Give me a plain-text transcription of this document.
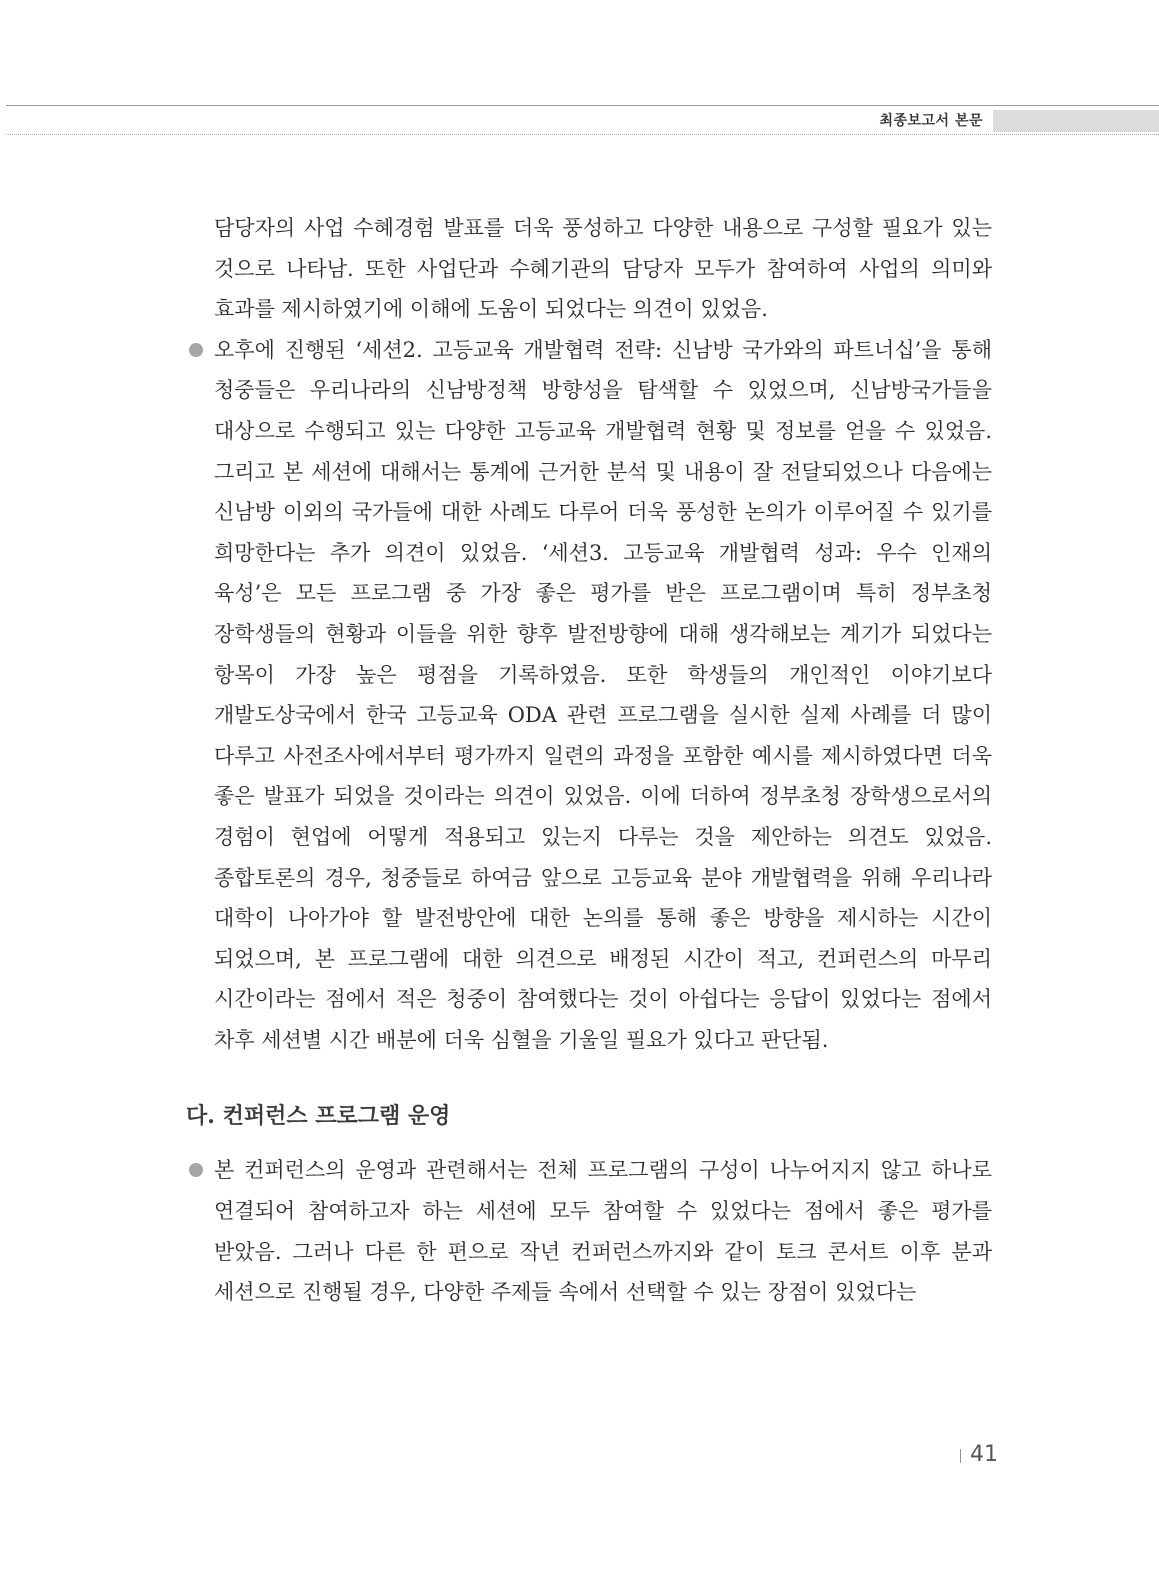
최종보고서 본문
담당자의 사업 수혜경험 발표를 더욱 풍성하고 다양한 내용으로 구성할 필요가 있는 것으로 나타남. 또한 사업단과 수혜기관의 담당자 모두가 참여하여 사업의 의미와 효과를 제시하였기에 이해에 도움이 되었다는 의견이 있었음.
오후에 진행된 ‘세션2. 고등교육 개발협력 전략: 신남방 국가와의 파트너십’을 통해 청중들은 우리나라의 신남방정책 방향성을 탐색할 수 있었으며, 신남방국가들을 대상으로 수행되고 있는 다양한 고등교육 개발협력 현황 및 정보를 얻을 수 있었음. 그리고 본 세션에 대해서는 통계에 근거한 분석 및 내용이 잘 전달되었으나 다음에는 신남방 이외의 국가들에 대한 사례도 다루어 더욱 풍성한 논의가 이루어질 수 있기를 희망한다는 추가 의견이 있었음. ‘세션3. 고등교육 개발협력 성과: 우수 인재의 육성’은 모든 프로그램 중 가장 좋은 평가를 받은 프로그램이며 특히 정부초청 장학생들의 현황과 이들을 위한 향후 발전방향에 대해 생각해보는 계기가 되었다는 항목이 가장 높은 평점을 기록하였음. 또한 학생들의 개인적인 이야기보다 개발도상국에서 한국 고등교육 ODA 관련 프로그램을 실시한 실제 사례를 더 많이 다루고 사전조사에서부터 평가까지 일련의 과정을 포함한 예시를 제시하였다면 더욱 좋은 발표가 되었을 것이라는 의견이 있었음. 이에 더하여 정부초청 장학생으로서의 경험이 현업에 어떻게 적용되고 있는지 다루는 것을 제안하는 의견도 있었음. 종합토론의 경우, 청중들로 하여금 앞으로 고등교육 분야 개발협력을 위해 우리나라 대학이 나아가야 할 발전방안에 대한 논의를 통해 좋은 방향을 제시하는 시간이 되었으며, 본 프로그램에 대한 의견으로 배정된 시간이 적고, 컨퍼런스의 마무리 시간이라는 점에서 적은 청중이 참여했다는 것이 아쉽다는 응답이 있었다는 점에서 차후 세션별 시간 배분에 더욱 심혈을 기울일 필요가 있다고 판단됨.
다. 컨퍼런스 프로그램 운영
본 컨퍼런스의 운영과 관련해서는 전체 프로그램의 구성이 나누어지지 않고 하나로 연결되어 참여하고자 하는 세션에 모두 참여할 수 있었다는 점에서 좋은 평가를 받았음. 그러나 다른 한 편으로 작년 컨퍼런스까지와 같이 토크 콘서트 이후 분과 세션으로 진행될 경우, 다양한 주제들 속에서 선택할 수 있는 장점이 있었다는
41
